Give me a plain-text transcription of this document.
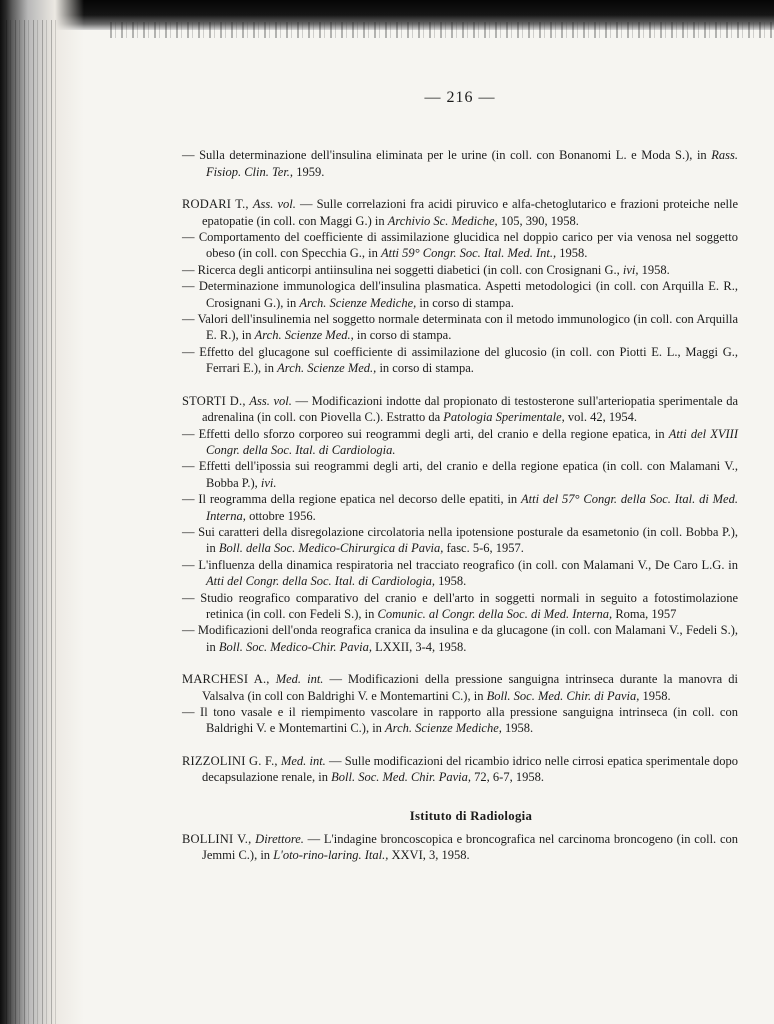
— 216 —
— Sulla determinazione dell'insulina eliminata per le urine (in coll. con Bonanomi L. e Moda S.), in Rass. Fisiop. Clin. Ter., 1959.
RODARI T., Ass. vol. — Sulle correlazioni fra acidi piruvico e alfa-chetoglutarico e frazioni proteiche nelle epatopatie (in coll. con Maggi G.) in Archivio Sc. Mediche, 105, 390, 1958.
— Comportamento del coefficiente di assimilazione glucidica nel doppio carico per via venosa nel soggetto obeso (in coll. con Specchia G., in Atti 59° Congr. Soc. Ital. Med. Int., 1958.
— Ricerca degli anticorpi antiinsulina nei soggetti diabetici (in coll. con Crosignani G., ivi, 1958.
— Determinazione immunologica dell'insulina plasmatica. Aspetti metodologici (in coll. con Arquilla E. R., Crosignani G.), in Arch. Scienze Mediche, in corso di stampa.
— Valori dell'insulinemia nel soggetto normale determinata con il metodo immunologico (in coll. con Arquilla E. R.), in Arch. Scienze Med., in corso di stampa.
— Effetto del glucagone sul coefficiente di assimilazione del glucosio (in coll. con Piotti E. L., Maggi G., Ferrari E.), in Arch. Scienze Med., in corso di stampa.
STORTI D., Ass. vol. — Modificazioni indotte dal propionato di testosterone sull'arteriopatia sperimentale da adrenalina (in coll. con Piovella C.). Estratto da Patologia Sperimentale, vol. 42, 1954.
— Effetti dello sforzo corporeo sui reogrammi degli arti, del cranio e della regione epatica, in Atti del XVIII Congr. della Soc. Ital. di Cardiologia.
— Effetti dell'ipossia sui reogrammi degli arti, del cranio e della regione epatica (in coll. con Malamani V., Bobba P.), ivi.
— Il reogramma della regione epatica nel decorso delle epatiti, in Atti del 57° Congr. della Soc. Ital. di Med. Interna, ottobre 1956.
— Sui caratteri della disregolazione circolatoria nella ipotensione posturale da esametonio (in coll. Bobba P.), in Boll. della Soc. Medico-Chirurgica di Pavia, fasc. 5-6, 1957.
— L'influenza della dinamica respiratoria nel tracciato reografico (in coll. con Malamani V., De Caro L.G. in Atti del Congr. della Soc. Ital. di Cardiologia, 1958.
— Studio reografico comparativo del cranio e dell'arto in soggetti normali in seguito a fotostimolazione retinica (in coll. con Fedeli S.), in Comunic. al Congr. della Soc. di Med. Interna, Roma, 1957
— Modificazioni dell'onda reografica cranica da insulina e da glucagone (in coll. con Malamani V., Fedeli S.), in Boll. Soc. Medico-Chir. Pavia, LXXII, 3-4, 1958.
MARCHESI A., Med. int. — Modificazioni della pressione sanguigna intrinseca durante la manovra di Valsalva (in coll con Baldrighi V. e Montemartini C.), in Boll. Soc. Med. Chir. di Pavia, 1958.
— Il tono vasale e il riempimento vascolare in rapporto alla pressione sanguigna intrinseca (in coll. con Baldrighi V. e Montemartini C.), in Arch. Scienze Mediche, 1958.
RIZZOLINI G. F., Med. int. — Sulle modificazioni del ricambio idrico nelle cirrosi epatica sperimentale dopo decapsulazione renale, in Boll. Soc. Med. Chir. Pavia, 72, 6-7, 1958.
Istituto di Radiologia
BOLLINI V., Direttore. — L'indagine broncoscopica e broncografica nel carcinoma broncogeno (in coll. con Jemmi C.), in L'oto-rino-laring. Ital., XXVI, 3, 1958.
